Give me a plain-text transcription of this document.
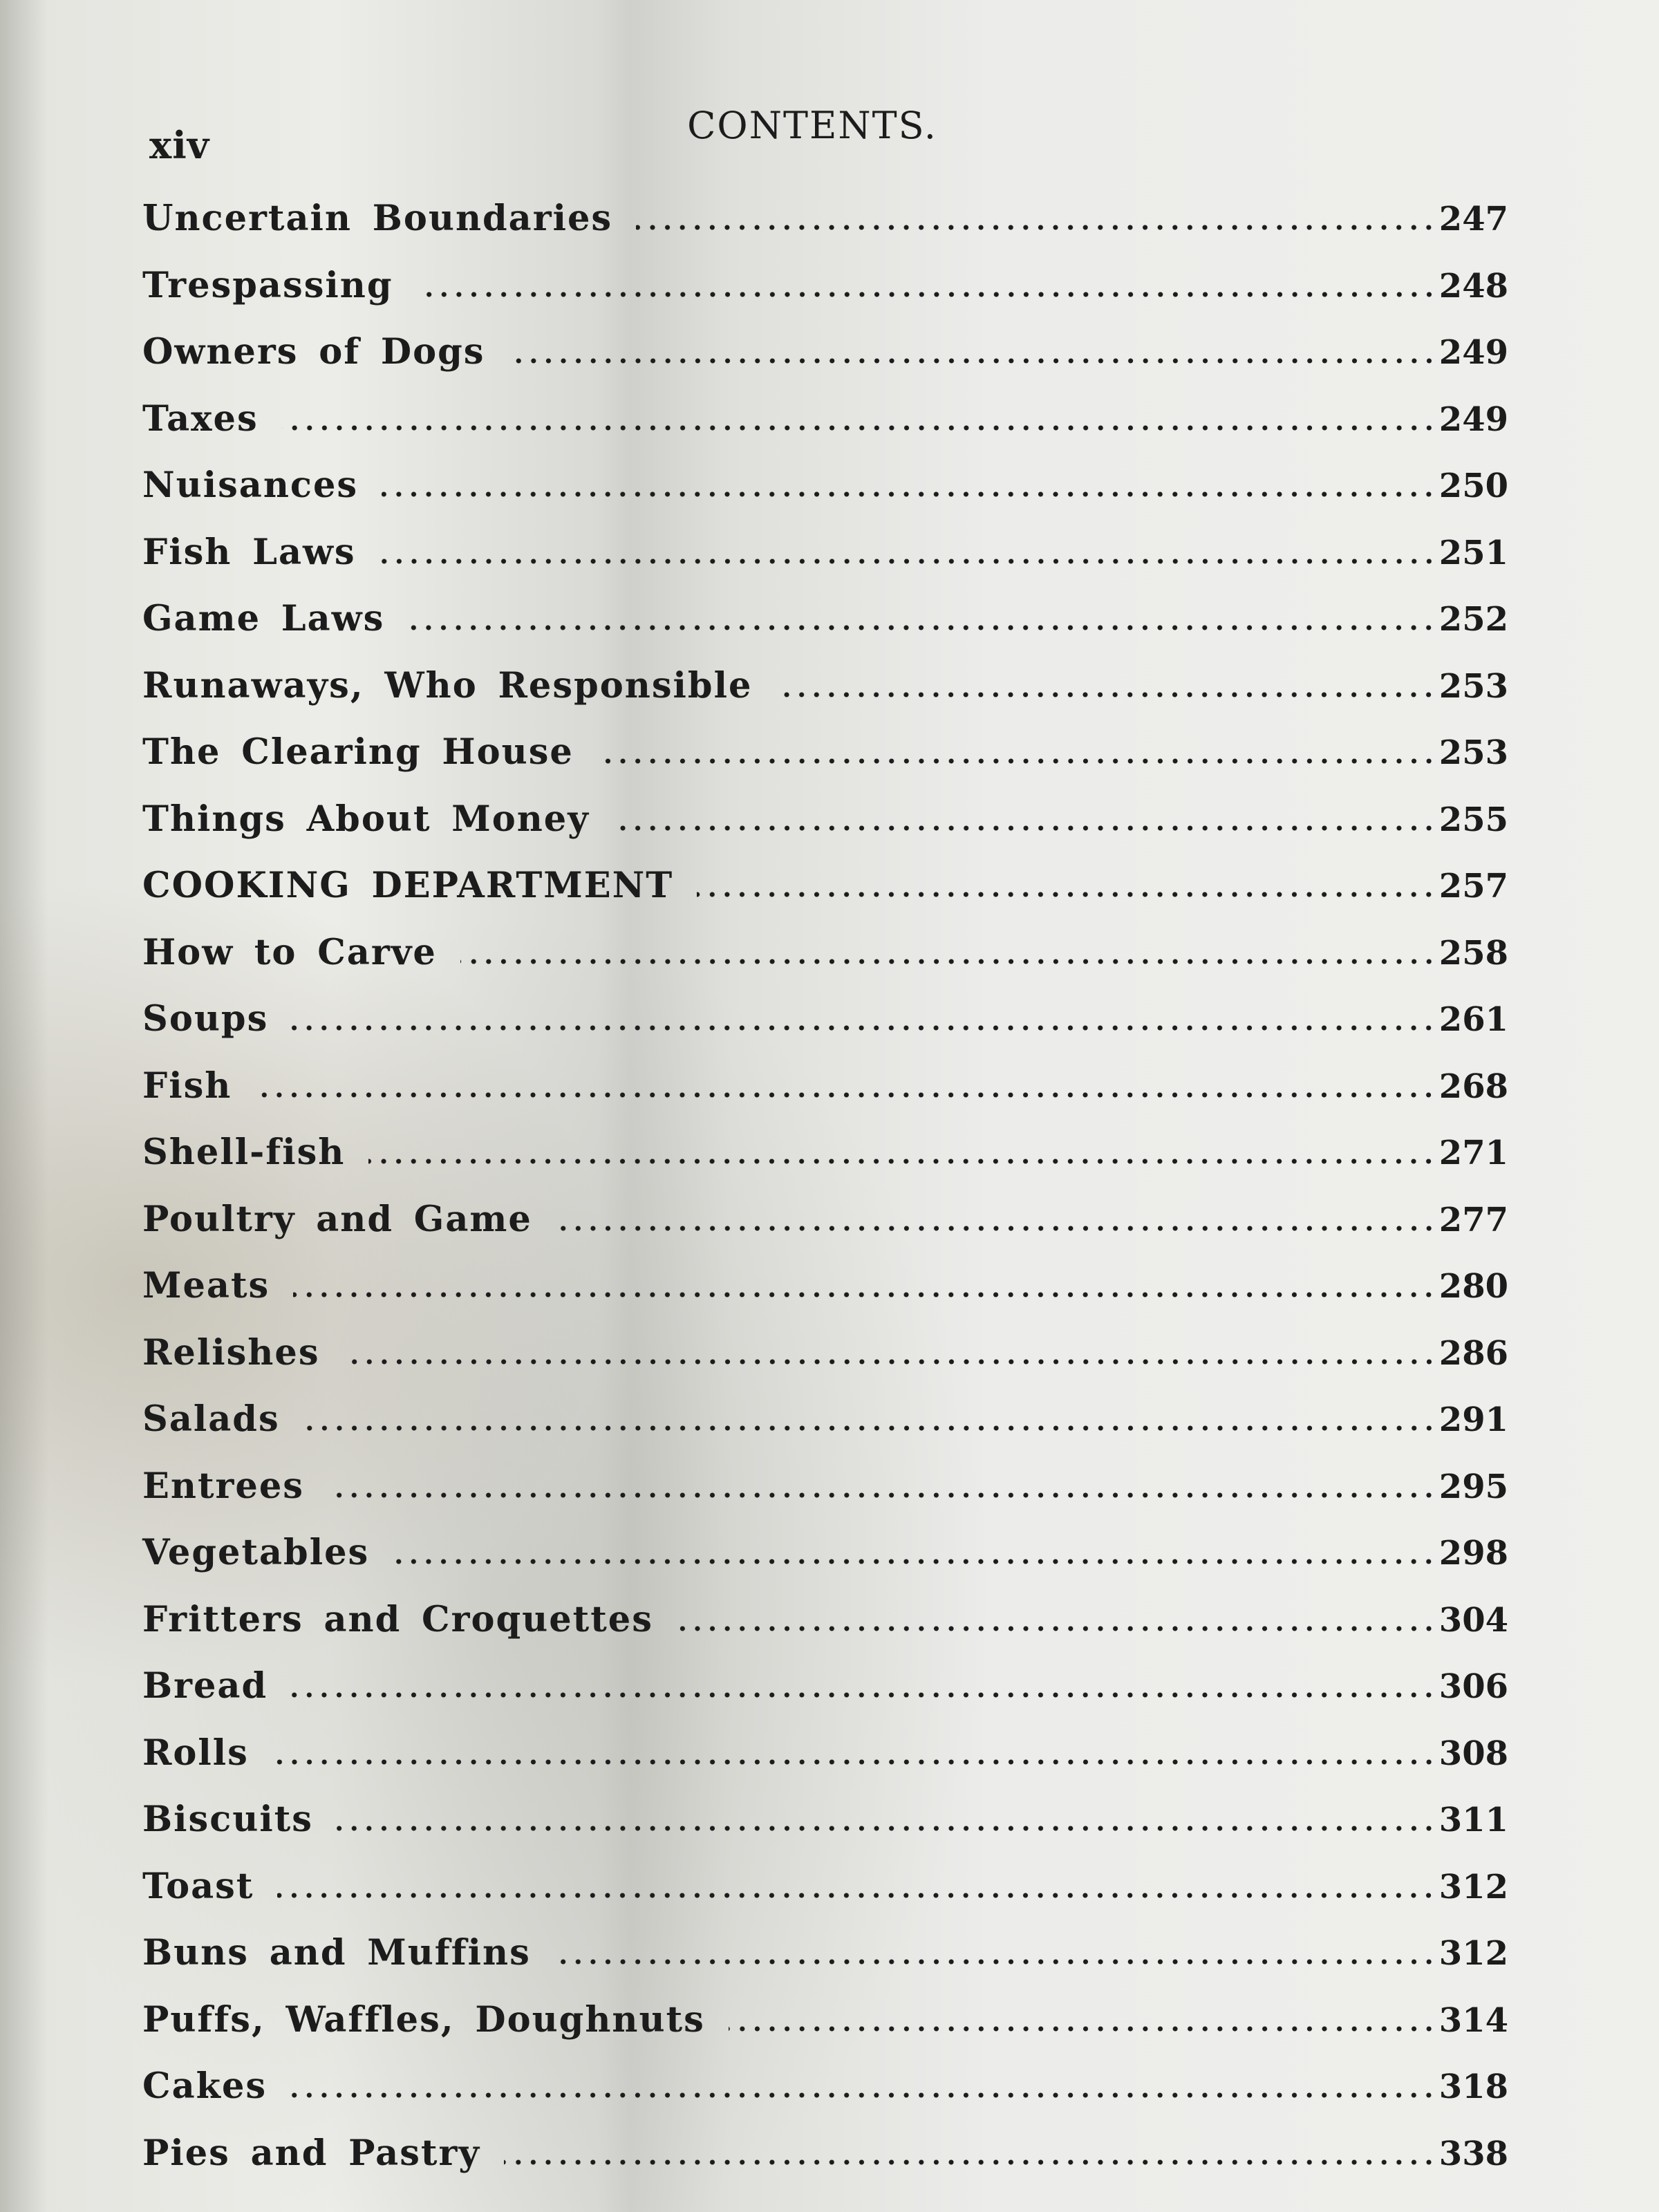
xiv	CONTENTS.
Uncertain Boundaries	247
Trespassing	248
Owners of Dogs	249
Taxes	249
Nuisances	250
Fish Laws	251
Game Laws	252
Runaways, Who Responsible	253
The Clearing House	253
Things About Money	255
COOKING DEPARTMENT	257
How to Carve	258
Soups	261
Fish	268
Shell-fish	271
Poultry and Game	277
Meats	280
Relishes	286
Salads	291
Entrees	295
Vegetables	298
Fritters and Croquettes	304
Bread	306
Rolls	308
Biscuits	311
Toast	312
Buns and Muffins	312
Puffs, Waffles, Doughnuts	314
Cakes	318
Pies and Pastry	338
